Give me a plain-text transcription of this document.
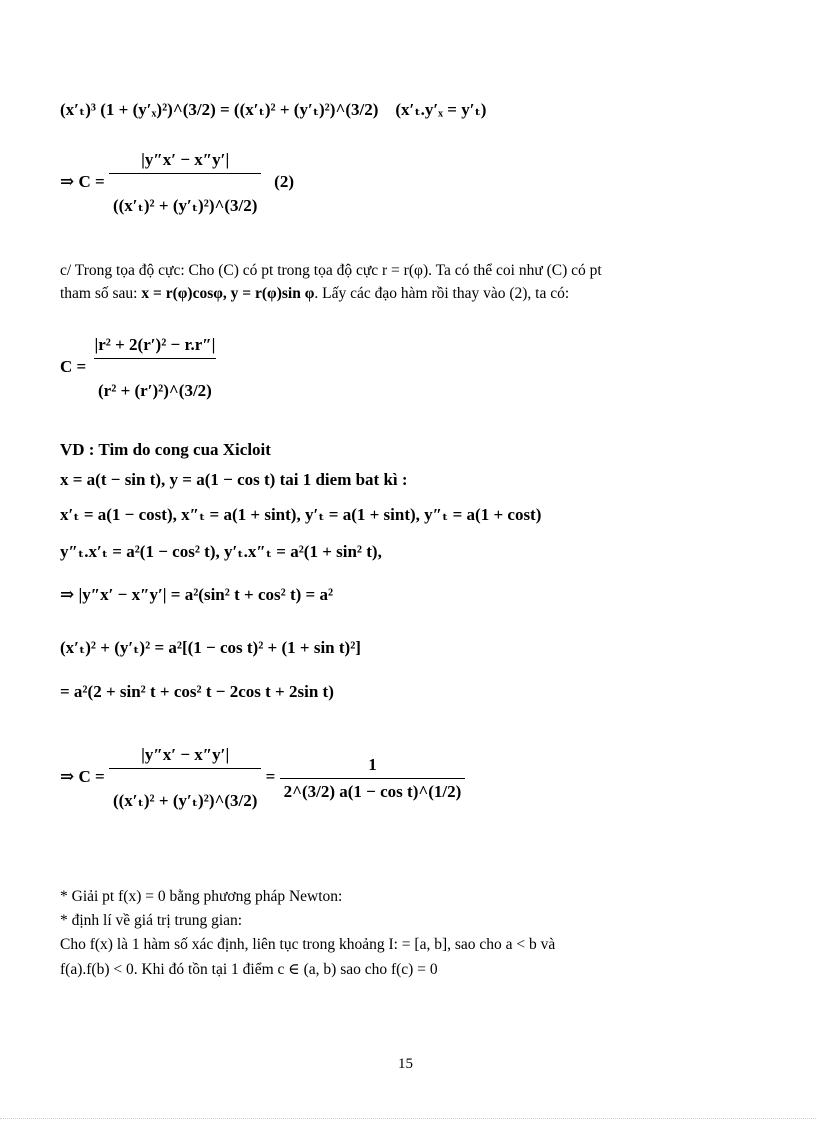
(x′ₜ)³ (1 + (y′ₓ)²)^(3/2) = ((x′ₜ)² + (y′ₜ)²)^(3/2) (x′ₜ.y′ₓ = y′ₜ)
⇒ $C = \frac{|y''x' - x''y'|}{\text{((x′ₜ)² + (y′ₜ)²)\textasciicircum{}(3/2)}} (2)$
c/ Trong tọa độ cực: Cho (C) có pt trong tọa độ cực r = r(φ). Ta có thể coi như (C) có pt
tham số sau: x = r(φ)cosφ, y = r(φ)sin φ. Lấy các đạo hàm rồi thay vào (2), ta có:
$C = \frac{\text{|r² + 2(r′)² − r.r″|}}{\text{(r² + (r′)²)\textasciicircum{}(3/2)}}$
VD : Tim do cong cua Xicloit
x = a(t − sin t), y = a(1 − cos t) tai 1 diem bat kì :
x′ₜ = a(1 − cost), x″ₜ = a(1 + sint), y′ₜ = a(1 + sint), y″ₜ = a(1 + cost)
y″ₜ.x′ₜ = a²(1 − cos² t), y′ₜ.x″ₜ = a²(1 + sin² t),
⇒ |y″x′ − x″y′| = a²(sin² t + cos² t) = a²
(x′ₜ)² + (y′ₜ)² = a²[(1 − cos t)² + (1 + sin t)²]
= a²(2 + sin² t + cos² t − 2cos t + 2sin t)
⇒ $C = \frac{|y''x' - x''y'|}{\text{((x′ₜ)² + (y′ₜ)²)\textasciicircum{}(3/2)}} = \frac{1}{\text{2\textasciicircum{}(3/2) a(1 − cos t)\textasciicircum{}(1/2)}}$
* Giải pt f(x) = 0 bằng phương pháp Newton:
* định lí về giá trị trung gian:
Cho f(x) là 1 hàm số xác định, liên tục trong khoảng I: = [a, b], sao cho a < b và
f(a).f(b) < 0. Khi đó tồn tại 1 điểm c ∈ (a, b) sao cho f(c) = 0
15
